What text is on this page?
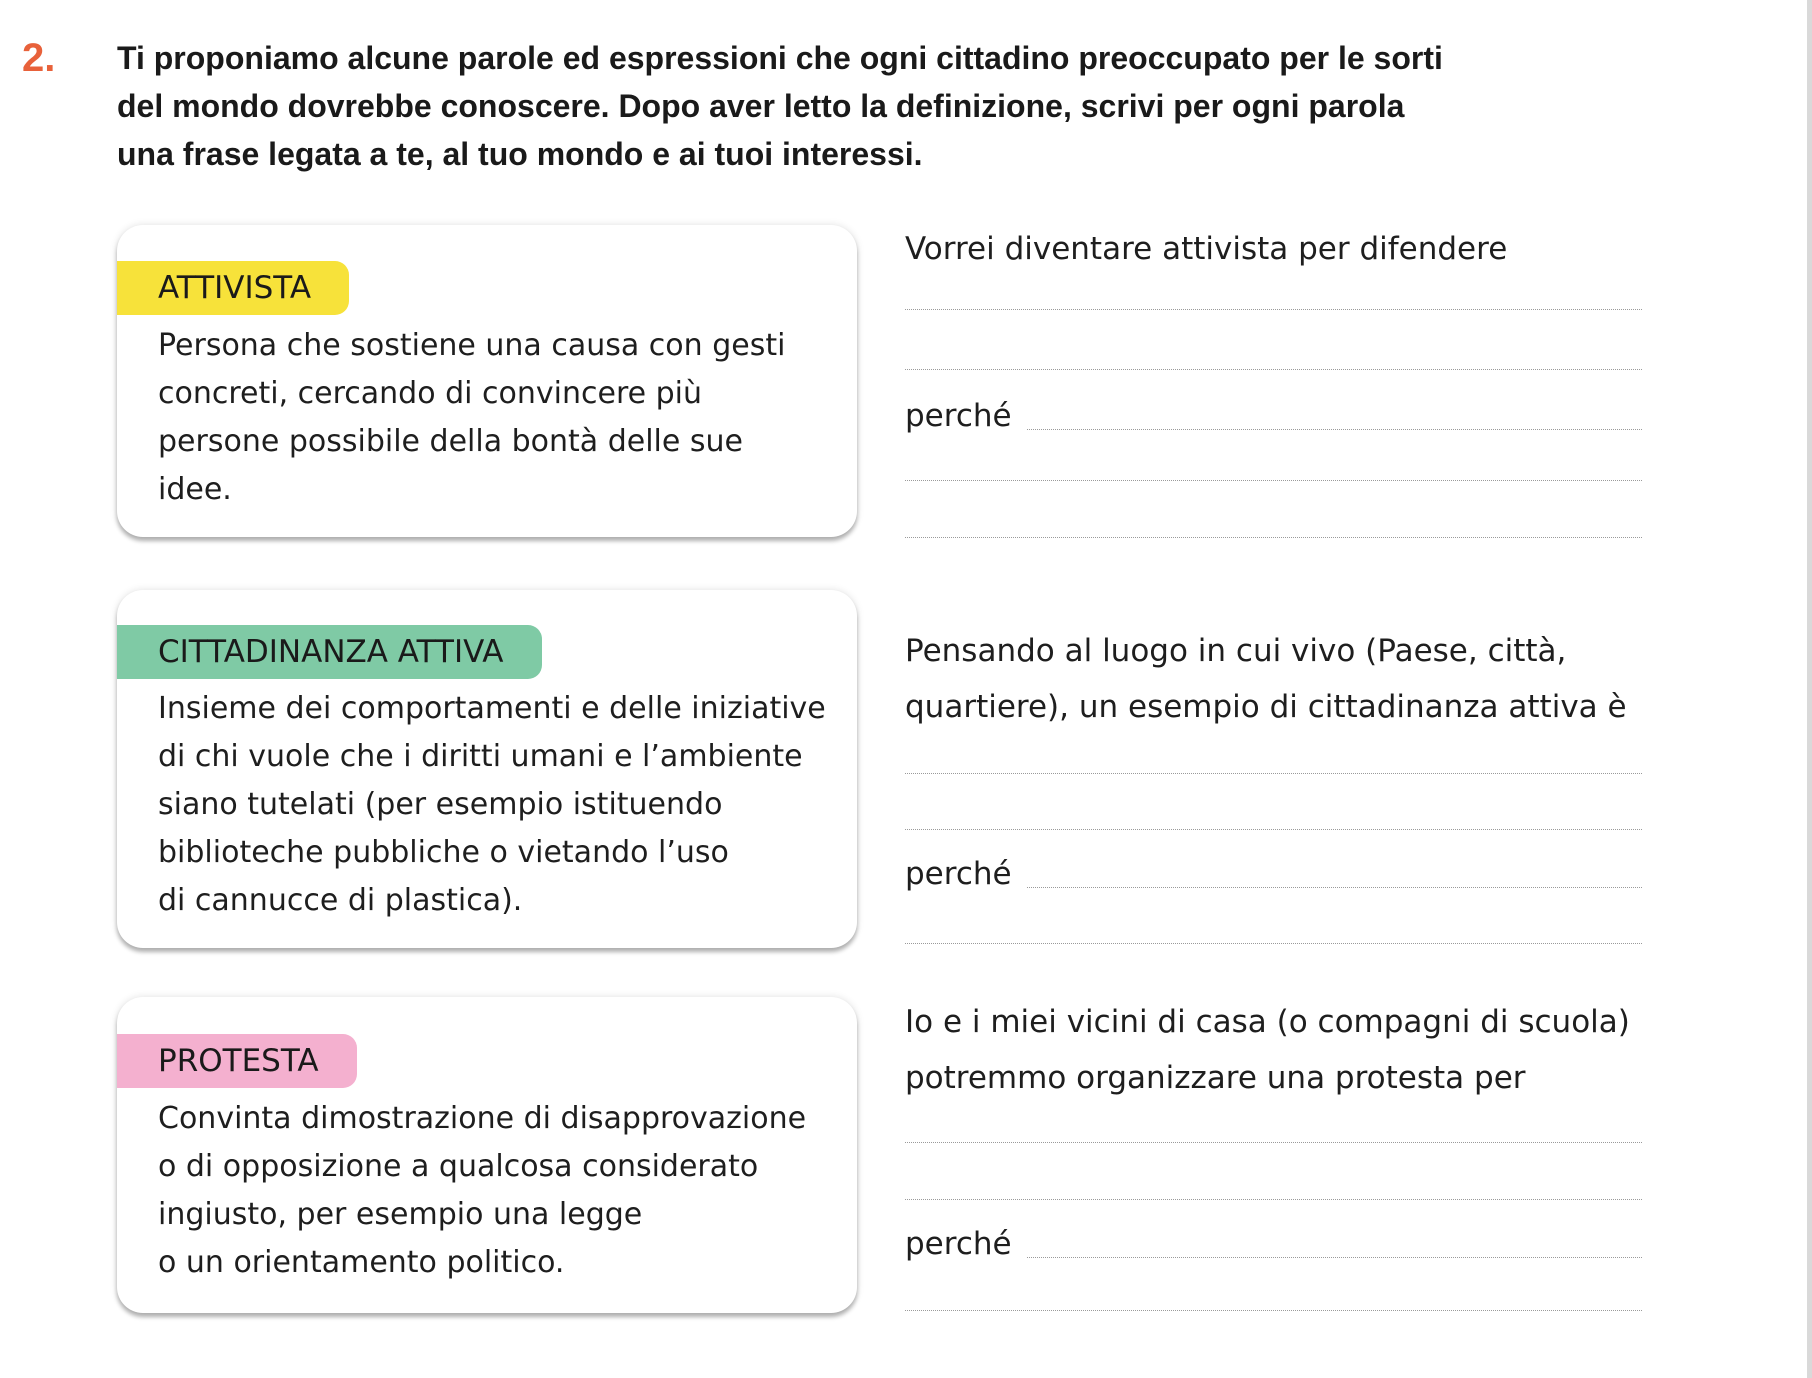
2. Ti proponiamo alcune parole ed espressioni che ogni cittadino preoccupato per le sorti
del mondo dovrebbe conoscere. Dopo aver letto la definizione, scrivi per ogni parola
una frase legata a te, al tuo mondo e ai tuoi interessi.
ATTIVISTA
Persona che sostiene una causa con gesti
concreti, cercando di convincere più
persone possibile della bontà delle sue
idee.
Vorrei diventare attivista per difendere
perché
CITTADINANZA ATTIVA
Insieme dei comportamenti e delle iniziative
di chi vuole che i diritti umani e l’ambiente
siano tutelati (per esempio istituendo
biblioteche pubbliche o vietando l’uso
di cannucce di plastica).
Pensando al luogo in cui vivo (Paese, città,
quartiere), un esempio di cittadinanza attiva è
perché
PROTESTA
Convinta dimostrazione di disapprovazione
o di opposizione a qualcosa considerato
ingiusto, per esempio una legge
o un orientamento politico.
Io e i miei vicini di casa (o compagni di scuola)
potremmo organizzare una protesta per
perché
